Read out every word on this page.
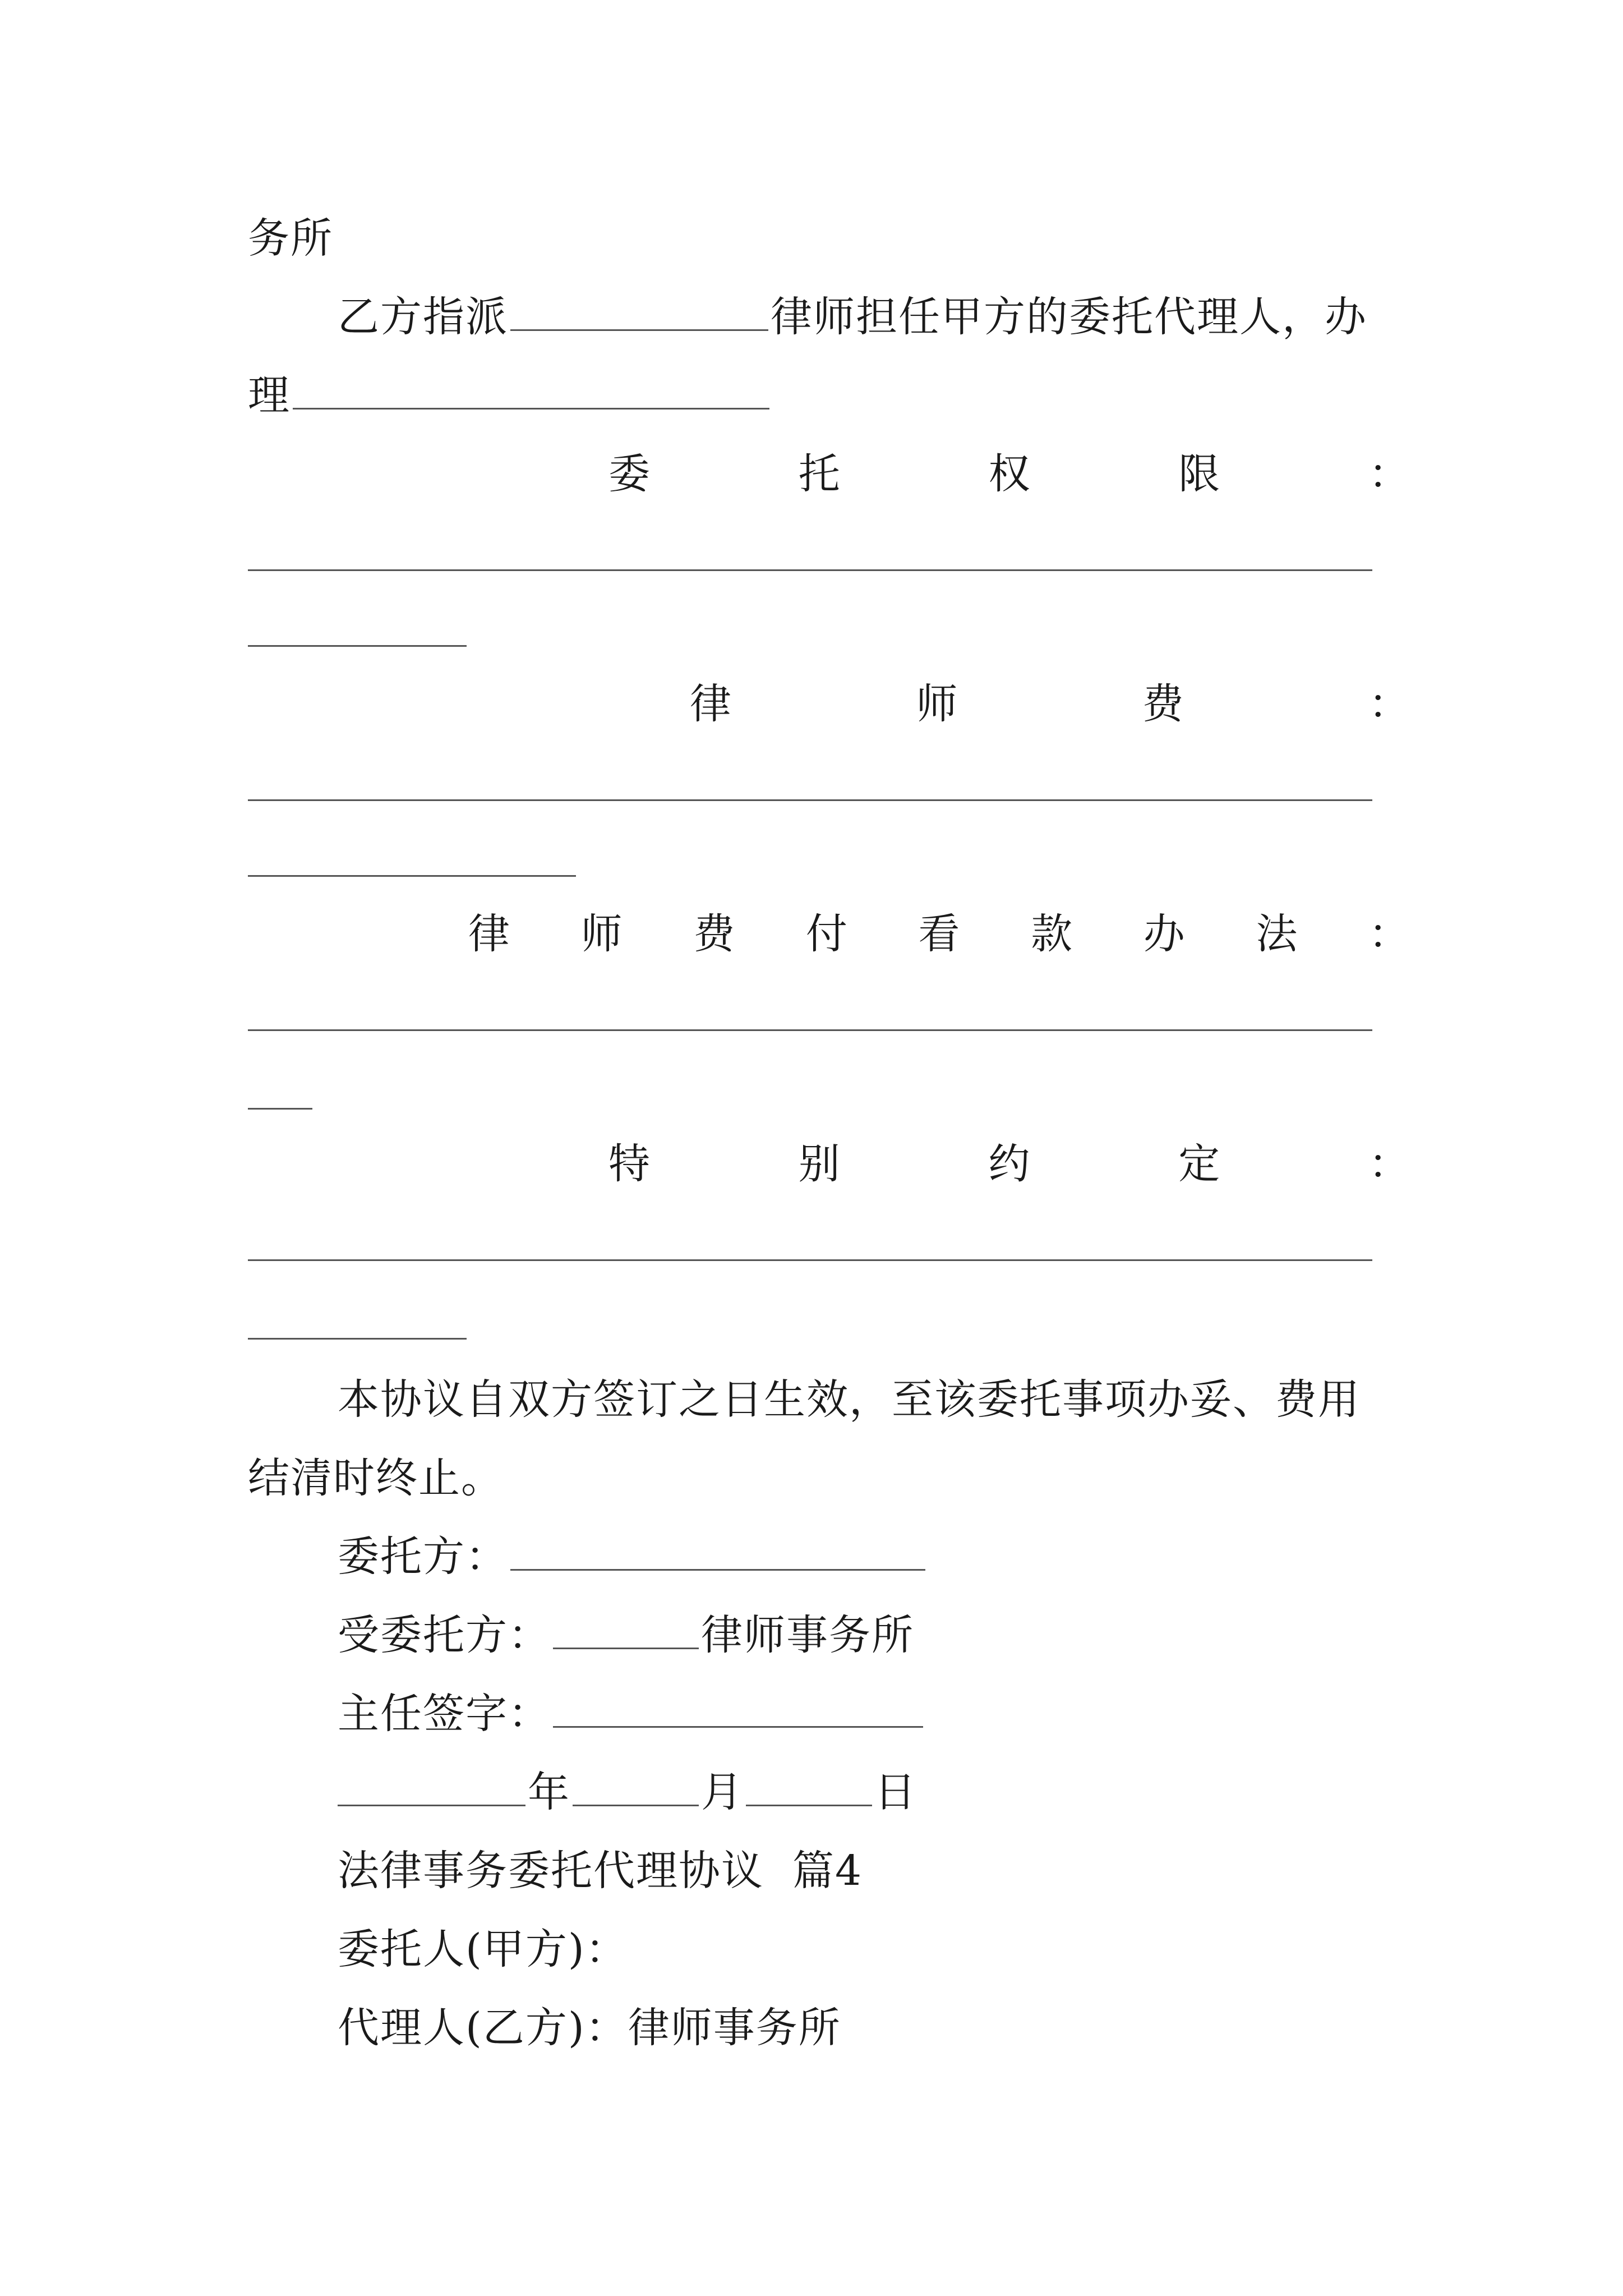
务所
乙方指派	律师担任甲方的委托代理人，办
理
委	托	权	限	：
律	师	费	：
律 师 费 付 看 款 办 法 ：
特	别	约	定	：
本协议自双方签订之日生效，至该委托事项办妥、费用
结清时终止。
委托方：
受委托方：	律师事务所
主任签字：
年	月	日
法律事务委托代理协议  篇4
委托人(甲方)：
代理人(乙方)：律师事务所
